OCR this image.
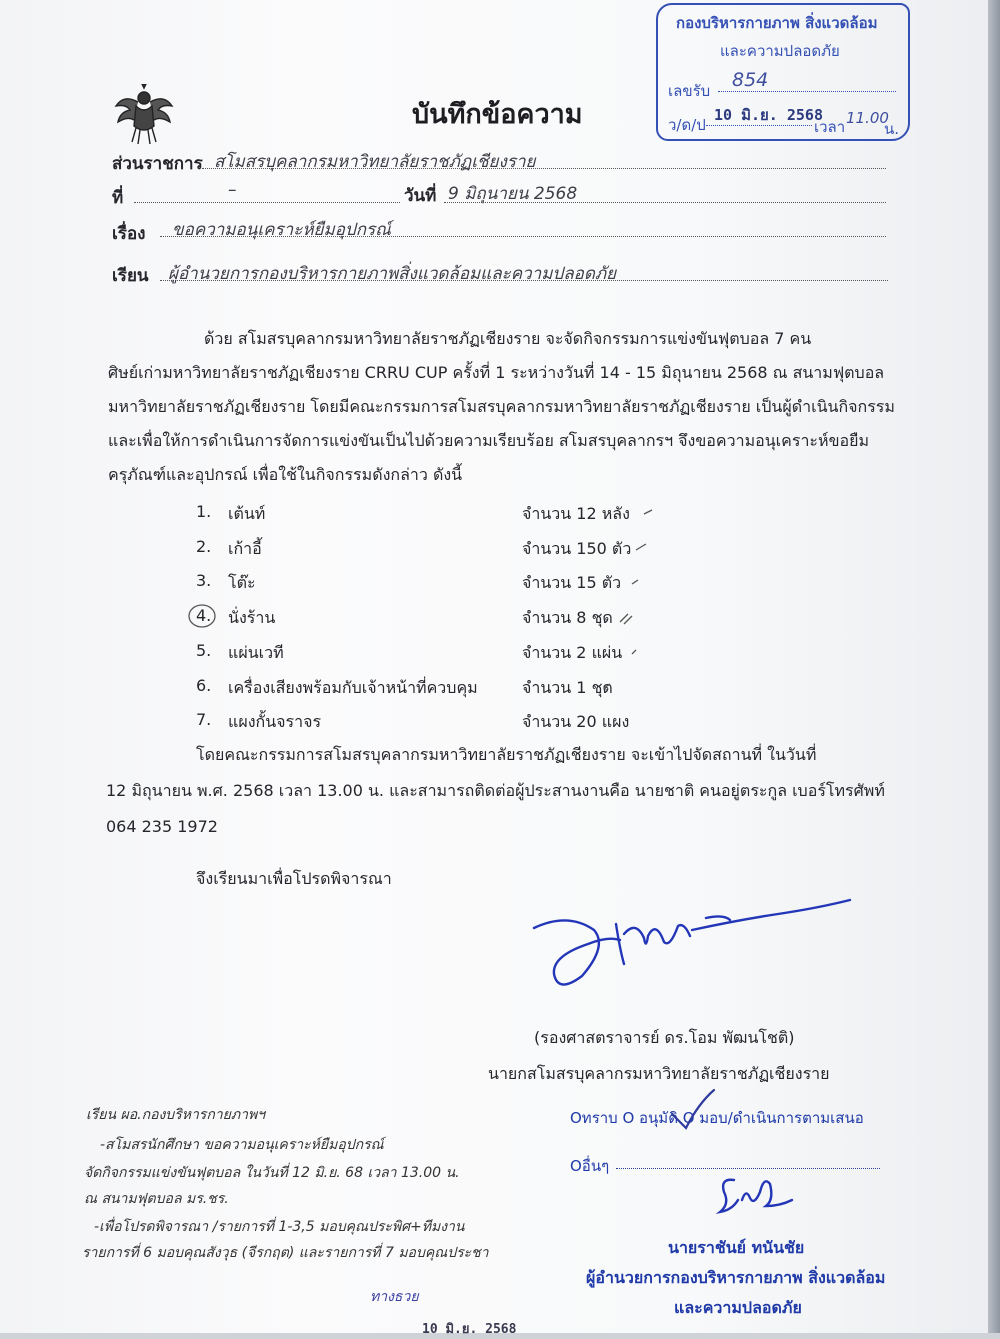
กองบริหารกายภาพ สิ่งแวดล้อม
และความปลอดภัย
เลขรับ 854
ว/ด/ป
10 มิ.ย. 2568
เวลา 11.00
น.
บันทึกข้อความ
ส่วนราชการ สโมสรบุคลากรมหาวิทยาลัยราชภัฏเชียงราย
ที่	–	วันที่ 9 มิถุนายน 2568
เรื่อง ขอความอนุเคราะห์ยืมอุปกรณ์
เรียน ผู้อำนวยการกองบริหารกายภาพสิ่งแวดล้อมและความปลอดภัย
ด้วย สโมสรบุคลากรมหาวิทยาลัยราชภัฏเชียงราย จะจัดกิจกรรมการแข่งขันฟุตบอล 7 คน
ศิษย์เก่ามหาวิทยาลัยราชภัฏเชียงราย CRRU CUP ครั้งที่ 1 ระหว่างวันที่ 14 - 15 มิถุนายน 2568 ณ สนามฟุตบอล
มหาวิทยาลัยราชภัฏเชียงราย โดยมีคณะกรรมการสโมสรบุคลากรมหาวิทยาลัยราชภัฏเชียงราย เป็นผู้ดำเนินกิจกรรม
และเพื่อให้การดำเนินการจัดการแข่งขันเป็นไปด้วยความเรียบร้อย สโมสรบุคลากรฯ จึงขอความอนุเคราะห์ขอยืม
ครุภัณฑ์และอุปกรณ์ เพื่อใช้ในกิจกรรมดังกล่าว ดังนี้
1. เต้นท์	จำนวน 12 หลัง
2. เก้าอี้	จำนวน 150 ตัว
3. โต๊ะ	จำนวน 15 ตัว
4. นั่งร้าน	จำนวน 8 ชุด
5. แผ่นเวที	จำนวน 2 แผ่น
6. เครื่องเสียงพร้อมกับเจ้าหน้าที่ควบคุม	จำนวน 1 ชุด
7. แผงกั้นจราจร	จำนวน 20 แผง
โดยคณะกรรมการสโมสรบุคลากรมหาวิทยาลัยราชภัฏเชียงราย จะเข้าไปจัดสถานที่ ในวันที่
12 มิถุนายน พ.ศ. 2568 เวลา 13.00 น. และสามารถติดต่อผู้ประสานงานคือ นายชาติ คนอยู่ตระกูล เบอร์โทรศัพท์
064 235 1972
จึงเรียนมาเพื่อโปรดพิจารณา
(รองศาสตราจารย์ ดร.โอม พัฒนโชติ)
นายกสโมสรบุคลากรมหาวิทยาลัยราชภัฏเชียงราย
เรียน ผอ.กองบริหารกายภาพฯ
-สโมสรนักศึกษา ขอความอนุเคราะห์ยืมอุปกรณ์
จัดกิจกรรมแข่งขันฟุตบอล ในวันที่ 12 มิ.ย. 68 เวลา 13.00 น.
ณ สนามฟุตบอล มร.ชร.
-เพื่อโปรดพิจารณา /รายการที่ 1-3,5 มอบคุณประพิศ+ทีมงาน
รายการที่ 6 มอบคุณสังวุธ (จีรกฤต) และรายการที่ 7 มอบคุณประชา
ทางธวย
10 มิ.ย. 2568
Oทราบ O อนุมัติ O มอบ/ดำเนินการตามเสนอ
Oอื่นๆ
นายราชันย์ ทนันชัย
ผู้อำนวยการกองบริหารกายภาพ สิ่งแวดล้อม
และความปลอดภัย
